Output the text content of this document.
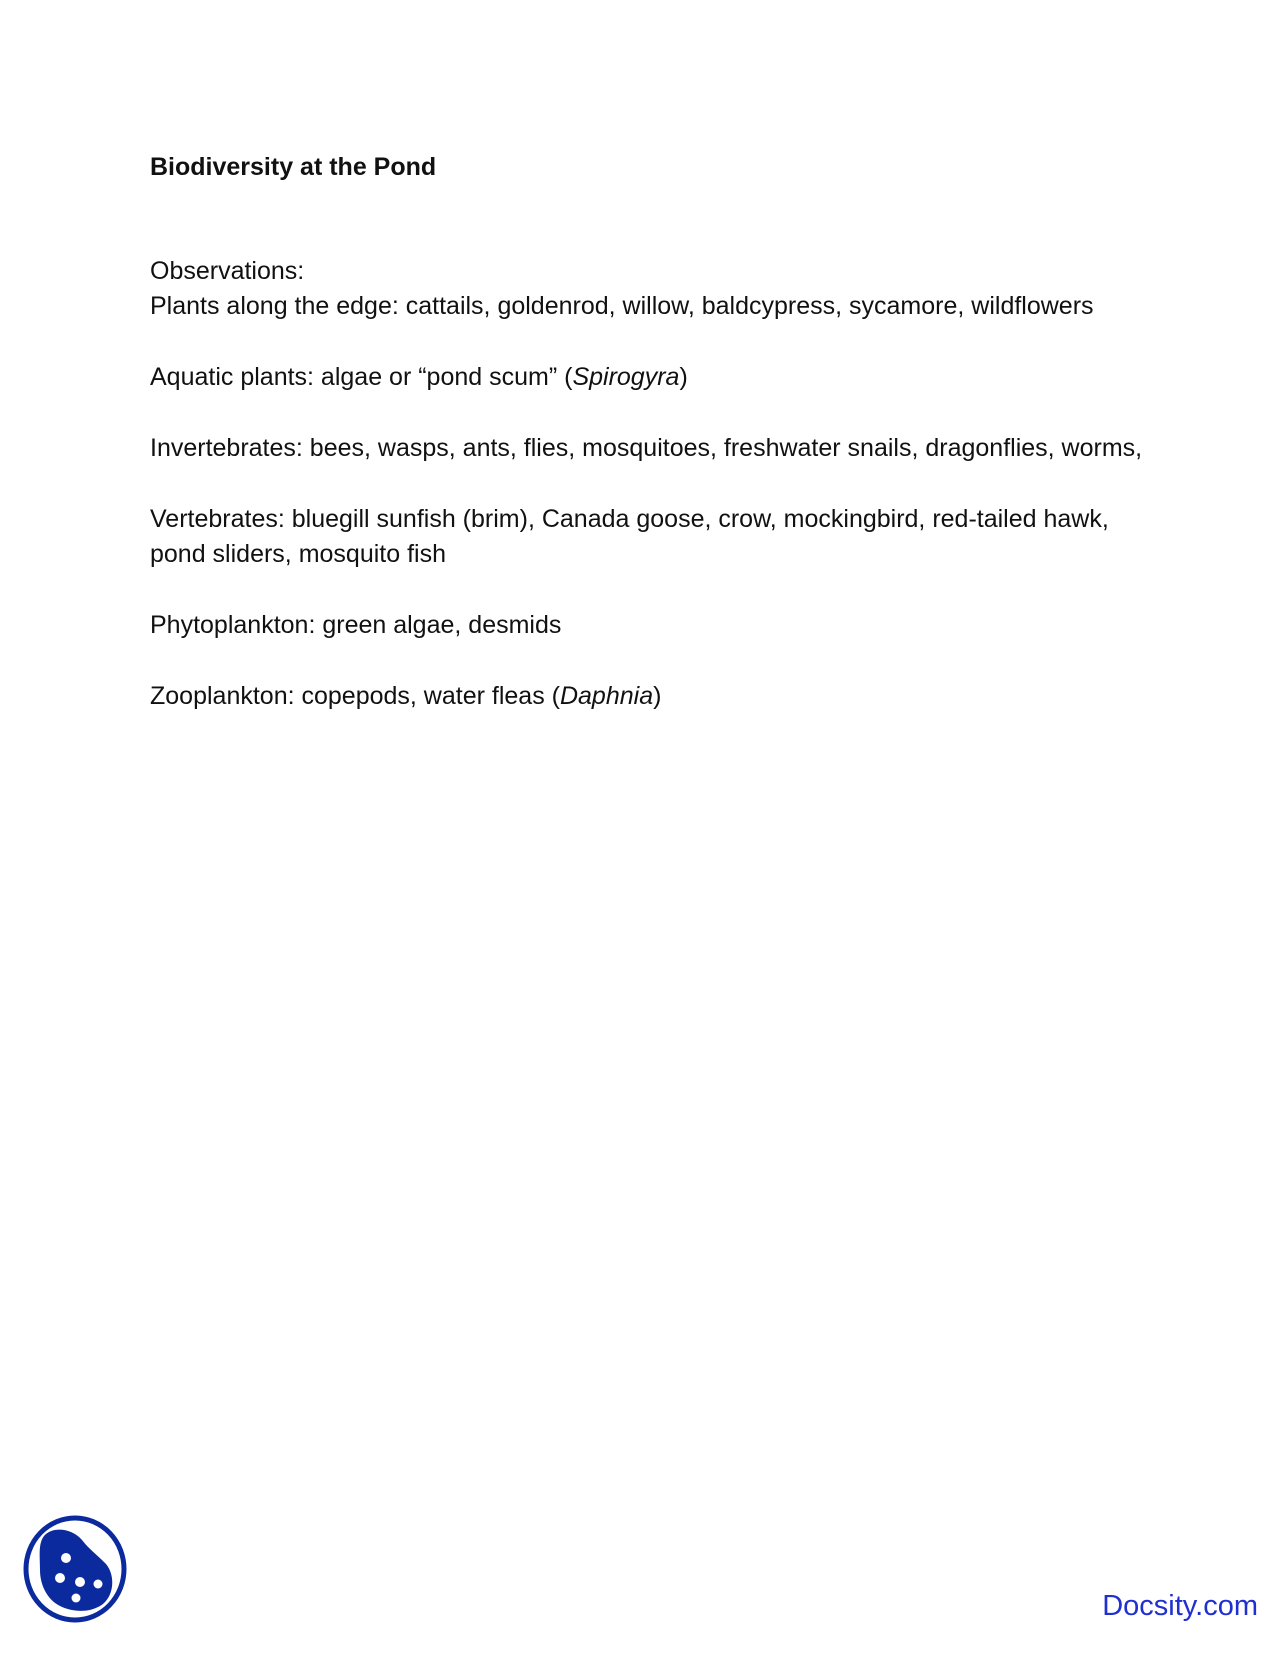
Biodiversity at the Pond

Observations:

Plants along the edge: cattails, goldenrod, willow, baldcypress, sycamore, wildflowers

Aquatic plants: algae or “pond scum” (Spirogyra)

Invertebrates: bees, wasps, ants, flies, mosquitoes, freshwater snails, dragonflies, worms,

Vertebrates: bluegill sunfish (brim), Canada goose, crow, mockingbird, red-tailed hawk, pond sliders, mosquito fish

Phytoplankton: green algae, desmids

Zooplankton: copepods, water fleas (Daphnia)

Docsity.com
